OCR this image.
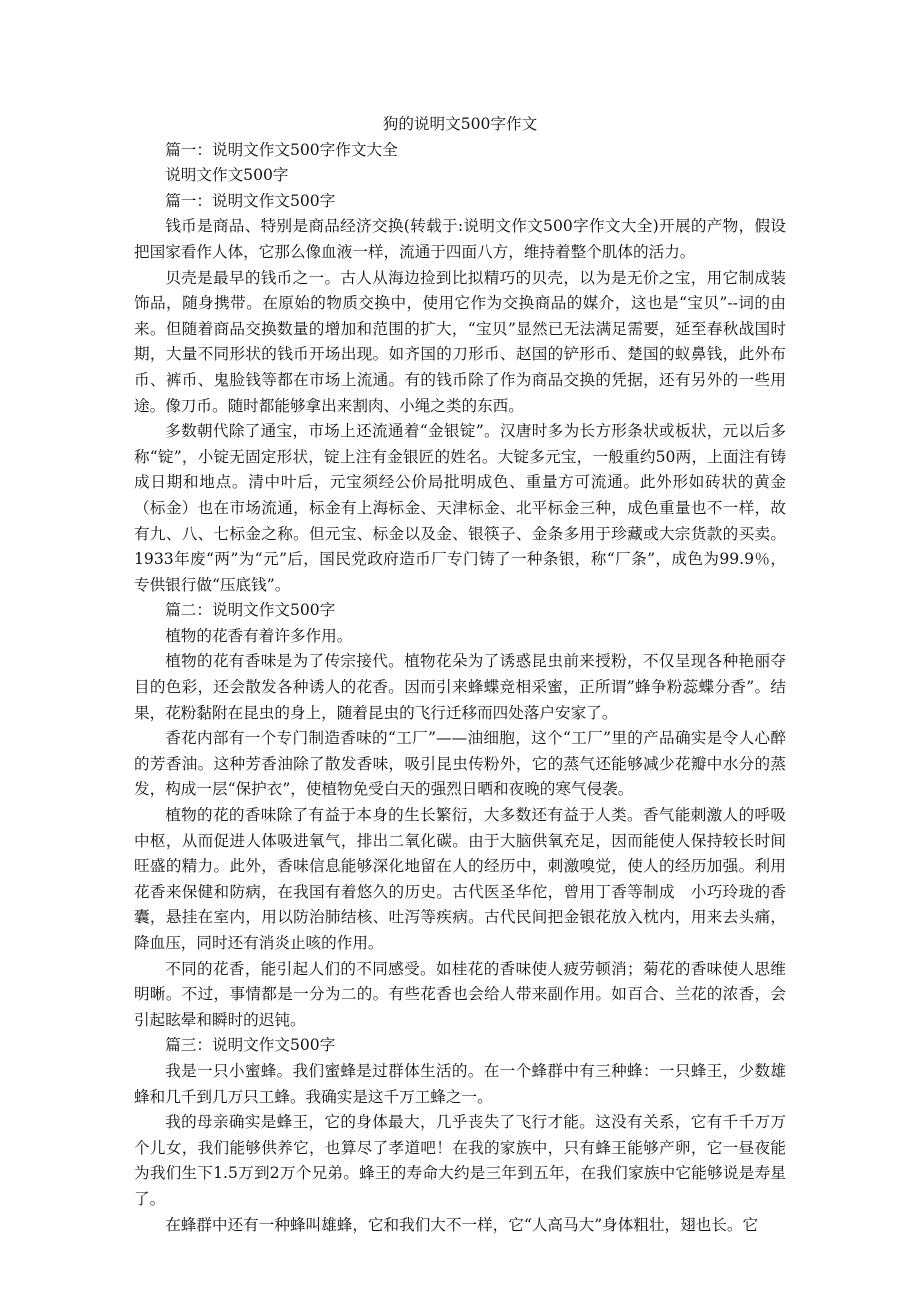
狗的说明文500字作文

篇一：说明文作文500字作文大全

说明文作文500字

篇一：说明文作文500字

钱币是商品、特别是商品经济交换(转载于:说明文作文500字作文大全)开展的产物，假设把国家看作人体，它那么像血液一样，流通于四面八方，维持着整个肌体的活力。

贝壳是最早的钱币之一。古人从海边捡到比拟精巧的贝壳，以为是无价之宝，用它制成装饰品，随身携带。在原始的物质交换中，使用它作为交换商品的媒介，这也是“宝贝”--词的由来。但随着商品交换数量的增加和范围的扩大，“宝贝”显然已无法满足需要，延至春秋战国时期，大量不同形状的钱币开场出现。如齐国的刀形币、赵国的铲形币、楚国的蚁鼻钱，此外布币、裤币、鬼脸钱等都在市场上流通。有的钱币除了作为商品交换的凭据，还有另外的一些用途。像刀币。随时都能够拿出来割肉、小绳之类的东西。

多数朝代除了通宝，市场上还流通着“金银锭”。汉唐时多为长方形条状或板状，元以后多称“锭”，小锭无固定形状，锭上注有金银匠的姓名。大锭多元宝，一般重约50两，上面注有铸成日期和地点。清中叶后，元宝须经公价局批明成色、重量方可流通。此外形如砖状的黄金（标金）也在市场流通，标金有上海标金、天津标金、北平标金三种，成色重量也不一样，故有九、八、七标金之称。但元宝、标金以及金、银筷子、金条多用于珍藏或大宗货款的买卖。1933年废“两”为“元”后，国民党政府造币厂专门铸了一种条银，称“厂条”，成色为99.9％，专供银行做“压底钱”。

篇二：说明文作文500字

植物的花香有着许多作用。

植物的花有香味是为了传宗接代。植物花朵为了诱惑昆虫前来授粉，不仅呈现各种艳丽夺目的色彩，还会散发各种诱人的花香。因而引来蜂蝶竞相采蜜，正所谓”蜂争粉蕊蝶分香”。结果，花粉黏附在昆虫的身上，随着昆虫的飞行迁移而四处落户安家了。

香花内部有一个专门制造香味的“工厂”——油细胞，这个“工厂”里的产品确实是令人心醉的芳香油。这种芳香油除了散发香味，吸引昆虫传粉外，它的蒸气还能够减少花瓣中水分的蒸发，构成一层“保护衣”，使植物免受白天的强烈日晒和夜晚的寒气侵袭。

植物的花的香味除了有益于本身的生长繁衍，大多数还有益于人类。香气能刺激人的呼吸中枢，从而促进人体吸进氧气，排出二氧化碳。由于大脑供氧充足，因而能使人保持较长时间旺盛的精力。此外，香味信息能够深化地留在人的经历中，刺激嗅觉，使人的经历加强。利用花香来保健和防病，在我国有着悠久的历史。古代医圣华佗，曾用丁香等制成　小巧玲珑的香囊，悬挂在室内，用以防治肺结核、吐泻等疾病。古代民间把金银花放入枕内，用来去头痛，降血压，同时还有消炎止咳的作用。

不同的花香，能引起人们的不同感受。如桂花的香味使人疲劳顿消；菊花的香味使人思维明晰。不过，事情都是一分为二的。有些花香也会给人带来副作用。如百合、兰花的浓香，会引起眩晕和瞬时的迟钝。

篇三：说明文作文500字

我是一只小蜜蜂。我们蜜蜂是过群体生活的。在一个蜂群中有三种蜂：一只蜂王，少数雄蜂和几千到几万只工蜂。我确实是这千万工蜂之一。

我的母亲确实是蜂王，它的身体最大，几乎丧失了飞行才能。这没有关系，它有千千万万个儿女，我们能够供养它，也算尽了孝道吧！在我的家族中，只有蜂王能够产卵，它一昼夜能为我们生下1.5万到2万个兄弟。蜂王的寿命大约是三年到五年，在我们家族中它能够说是寿星了。

在蜂群中还有一种蜂叫雄蜂，它和我们大不一样，它“人高马大”身体粗壮，翅也长。它
